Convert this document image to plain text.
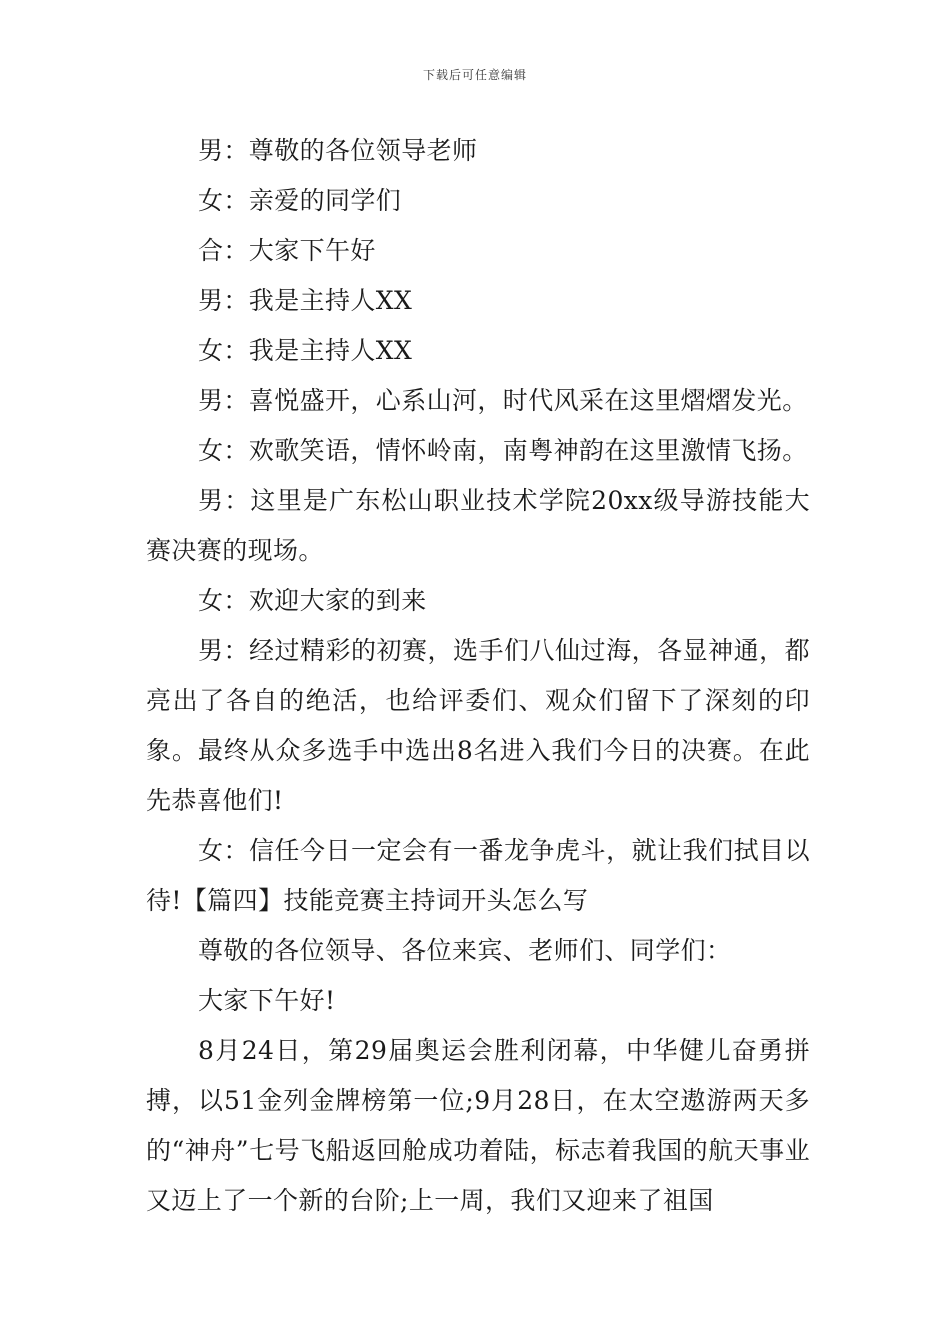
下载后可任意编辑

男：尊敬的各位领导老师

女：亲爱的同学们

合：大家下午好

男：我是主持人XX

女：我是主持人XX

男：喜悦盛开，心系山河，时代风采在这里熠熠发光。

女：欢歌笑语，情怀岭南，南粤神韵在这里激情飞扬。

男：这里是广东松山职业技术学院20xx级导游技能大赛决赛的现场。

女：欢迎大家的到来

男：经过精彩的初赛，选手们八仙过海，各显神通，都亮出了各自的绝活，也给评委们、观众们留下了深刻的印象。最终从众多选手中选出8名进入我们今日的决赛。在此先恭喜他们!

女：信任今日一定会有一番龙争虎斗，就让我们拭目以待!【篇四】技能竞赛主持词开头怎么写

尊敬的各位领导、各位来宾、老师们、同学们：

大家下午好!

8月24日，第29届奥运会胜利闭幕，中华健儿奋勇拼搏，以51金列金牌榜第一位;9月28日，在太空遨游两天多的“神舟”七号飞船返回舱成功着陆，标志着我国的航天事业又迈上了一个新的台阶;上一周，我们又迎来了祖国
